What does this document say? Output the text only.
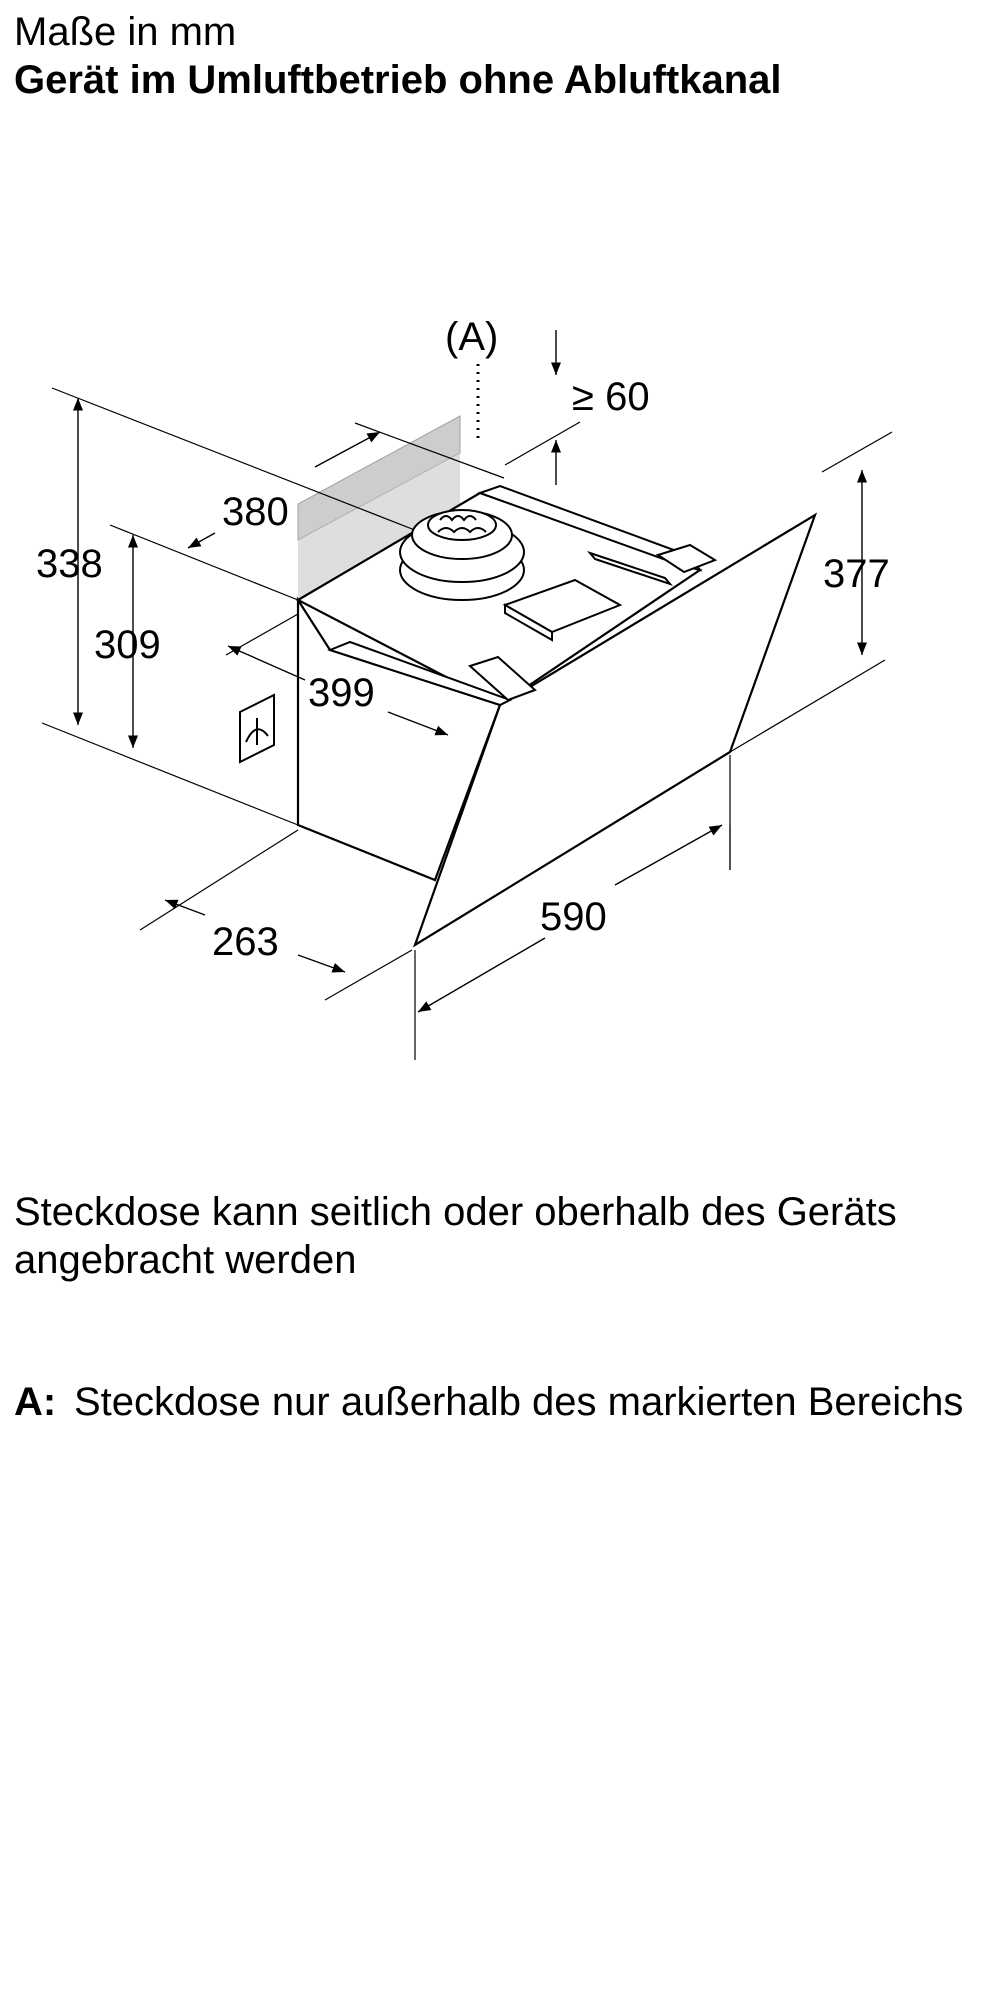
Maße in mm
Gerät im Umluftbetrieb ohne Abluftkanal
(A)
≥ 60
380
338
309
399
377
263
590
Steckdose kann seitlich oder oberhalb des Geräts angebracht werden
A: Steckdose nur außerhalb des markierten Bereichs
